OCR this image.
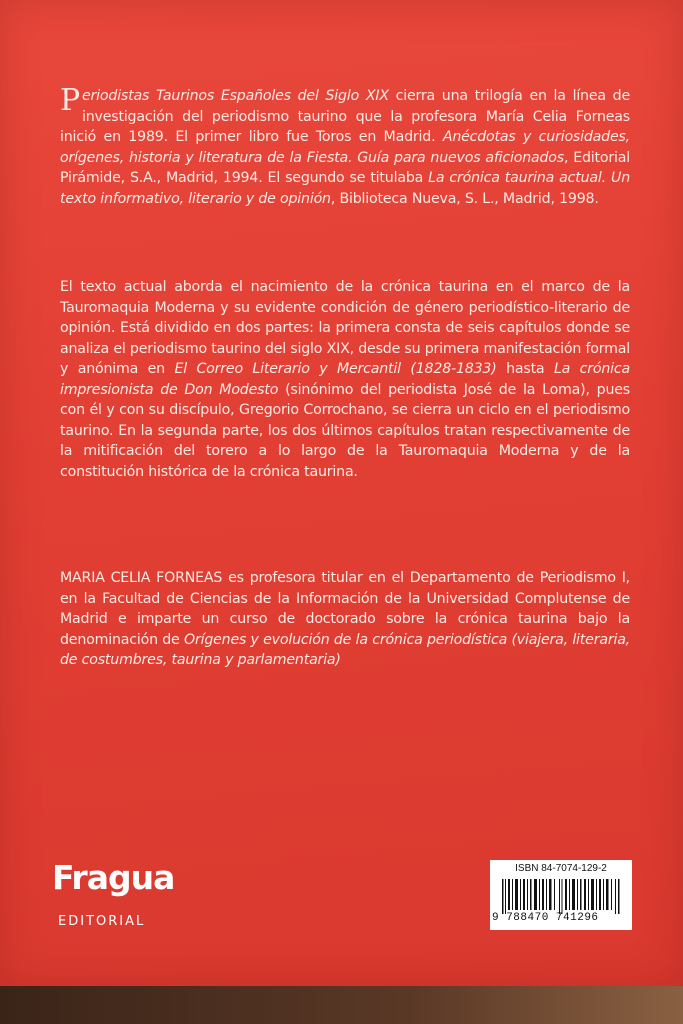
Periodistas Taurinos Españoles del Siglo XIX cierra una trilogía en la línea de investigación del periodismo taurino que la profesora María Celia Forneas inició en 1989. El primer libro fue Toros en Madrid. Anécdotas y curiosidades, orígenes, historia y literatura de la Fiesta. Guía para nuevos aficionados, Editorial Pirámide, S.A., Madrid, 1994. El segundo se titulaba La crónica taurina actual. Un texto informativo, literario y de opinión, Biblioteca Nueva, S. L., Madrid, 1998.
El texto actual aborda el nacimiento de la crónica taurina en el marco de la Tauromaquia Moderna y su evidente condición de género periodístico-literario de opinión. Está dividido en dos partes: la primera consta de seis capítulos donde se analiza el periodismo taurino del siglo XIX, desde su primera manifestación formal y anónima en El Correo Literario y Mercantil (1828-1833) hasta La crónica impresionista de Don Modesto (sinónimo del periodista José de la Loma), pues con él y con su discípulo, Gregorio Corrochano, se cierra un ciclo en el periodismo taurino. En la segunda parte, los dos últimos capítulos tratan respectivamente de la mitificación del torero a lo largo de la Tauromaquia Moderna y de la constitución histórica de la crónica taurina.
MARIA CELIA FORNEAS es profesora titular en el Departamento de Periodismo I, en la Facultad de Ciencias de la Información de la Universidad Complutense de Madrid e imparte un curso de doctorado sobre la crónica taurina bajo la denominación de Orígenes y evolución de la crónica periodística (viajera, literaria, de costumbres, taurina y parlamentaria)
Fragua
EDITORIAL
ISBN 84-7074-129-2
9 788470 741296
